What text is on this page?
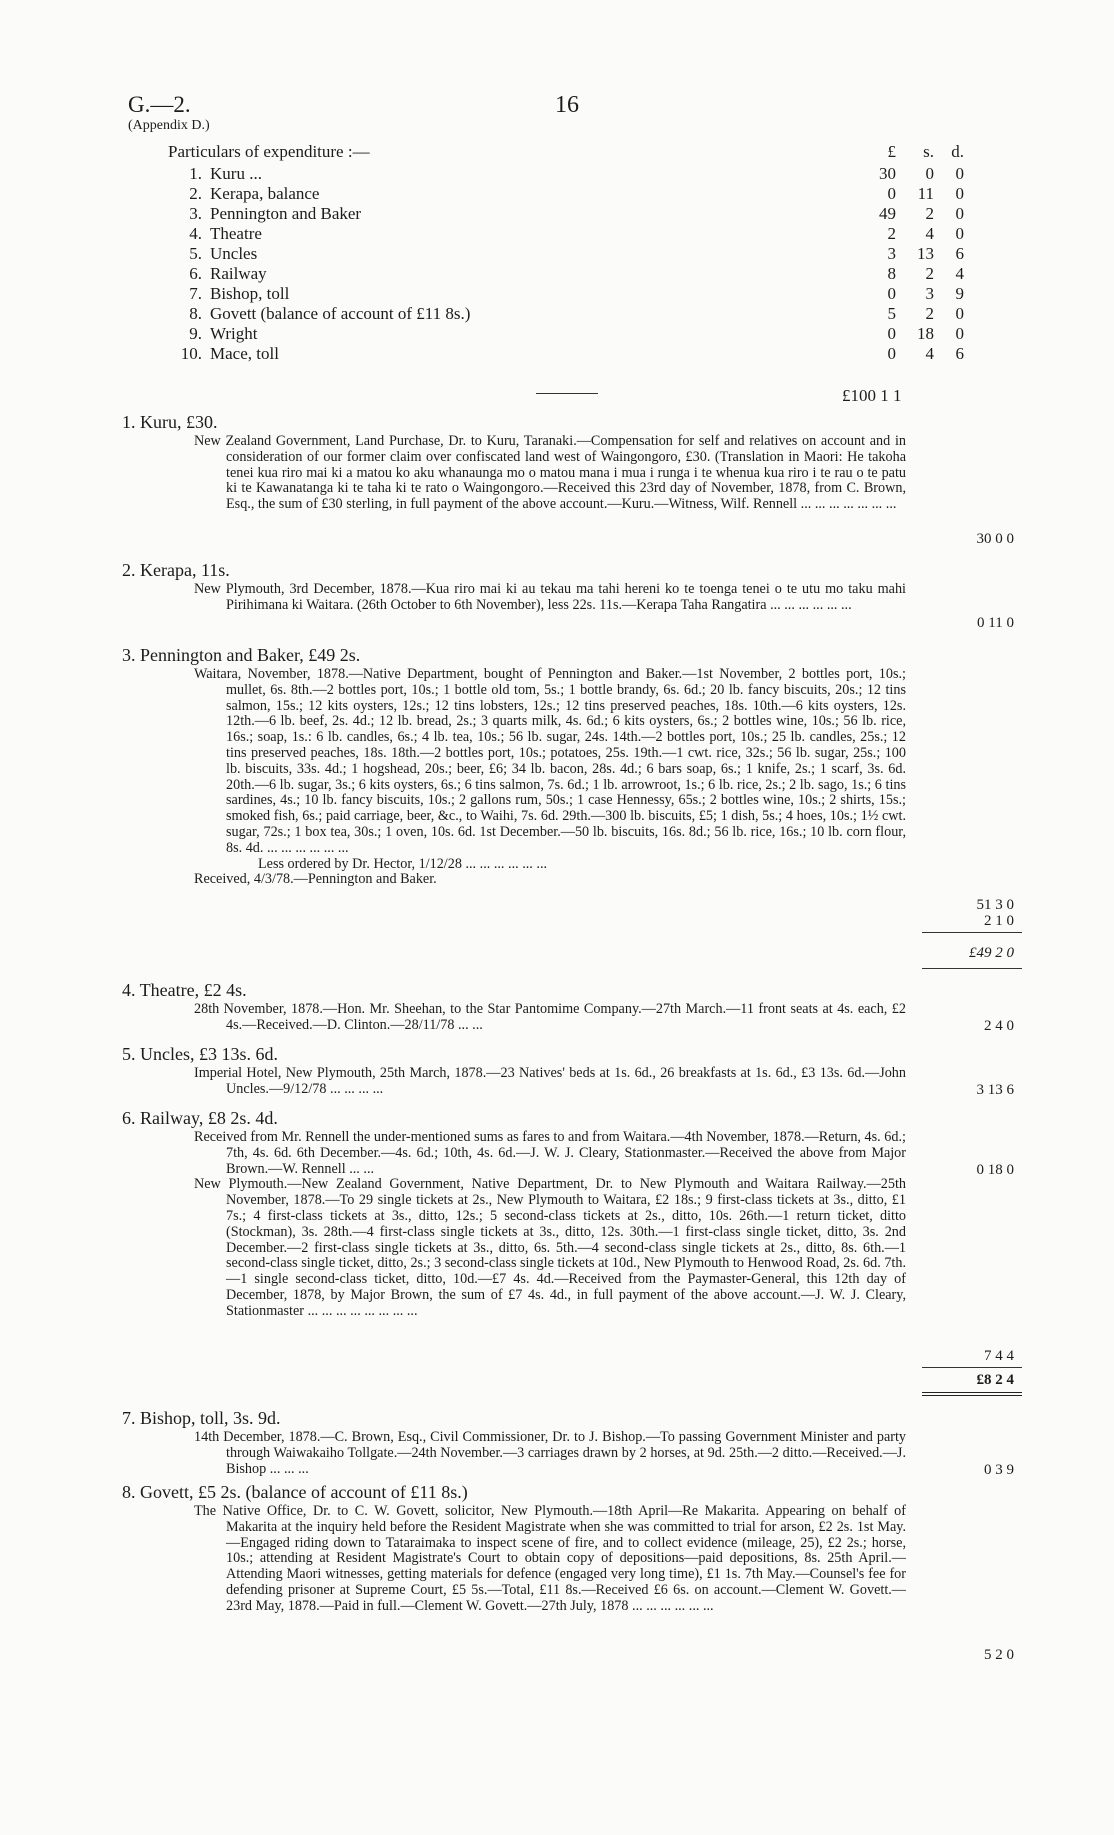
G.—2.
(Appendix D.)
16
Particulars of expenditure :—	£	s.	d.
1. Kuru ...	30	0	0
2. Kerapa, balance	0	11	0
3. Pennington and Baker	49	2	0
4. Theatre	2	4	0
5. Uncles	3	13	6
6. Railway	8	2	4
7. Bishop, toll	0	3	9
8. Govett (balance of account of £11 8s.)	5	2	0
9. Wright	0	18	0
10. Mace, toll	0	4	6
£100 1 1
1. Kuru, £30.

New Zealand Government, Land Purchase, Dr. to Kuru, Taranaki.—Compensation for self and relatives on account and in consideration of our former claim over confiscated land west of Waingongoro, £30. (Translation in Maori: He takoha tenei kua riro mai ki a matou ko aku whanaunga mo o matou mana i mua i runga i te whenua kua riro i te rau o te patu ki te Kawanatanga ki te taha ki te rato o Waingongoro.—Received this 23rd day of November, 1878, from C. Brown, Esq., the sum of £30 sterling, in full payment of the above account.—Kuru.—Witness, Wilf. Rennell ... ... ... ... ... ... ...

30 0 0
2. Kerapa, 11s.

New Plymouth, 3rd December, 1878.—Kua riro mai ki au tekau ma tahi hereni ko te toenga tenei o te utu mo taku mahi Pirihimana ki Waitara. (26th October to 6th November), less 22s. 11s.—Kerapa Taha Rangatira ... ... ... ... ... ...

0 11 0
3. Pennington and Baker, £49 2s.

Waitara, November, 1878.—Native Department, bought of Pennington and Baker.—1st November, 2 bottles port, 10s.; mullet, 6s. 8th.—2 bottles port, 10s.; 1 bottle old tom, 5s.; 1 bottle brandy, 6s. 6d.; 20 lb. fancy biscuits, 20s.; 12 tins salmon, 15s.; 12 kits oysters, 12s.; 12 tins lobsters, 12s.; 12 tins preserved peaches, 18s. 10th.—6 kits oysters, 12s. 12th.—6 lb. beef, 2s. 4d.; 12 lb. bread, 2s.; 3 quarts milk, 4s. 6d.; 6 kits oysters, 6s.; 2 bottles wine, 10s.; 56 lb. rice, 16s.; soap, 1s.: 6 lb. candles, 6s.; 4 lb. tea, 10s.; 56 lb. sugar, 24s. 14th.—2 bottles port, 10s.; 25 lb. candles, 25s.; 12 tins preserved peaches, 18s. 18th.—2 bottles port, 10s.; potatoes, 25s. 19th.—1 cwt. rice, 32s.; 56 lb. sugar, 25s.; 100 lb. biscuits, 33s. 4d.; 1 hogshead, 20s.; beer, £6; 34 lb. bacon, 28s. 4d.; 6 bars soap, 6s.; 1 knife, 2s.; 1 scarf, 3s. 6d. 20th.—6 lb. sugar, 3s.; 6 kits oysters, 6s.; 6 tins salmon, 7s. 6d.; 1 lb. arrowroot, 1s.; 6 lb. rice, 2s.; 2 lb. sago, 1s.; 6 tins sardines, 4s.; 10 lb. fancy biscuits, 10s.; 2 gallons rum, 50s.; 1 case Hennessy, 65s.; 2 bottles wine, 10s.; 2 shirts, 15s.; smoked fish, 6s.; paid carriage, beer, &c., to Waihi, 7s. 6d. 29th.—300 lb. biscuits, £5; 1 dish, 5s.; 4 hoes, 10s.; 1½ cwt. sugar, 72s.; 1 box tea, 30s.; 1 oven, 10s. 6d. 1st December.—50 lb. biscuits, 16s. 8d.; 56 lb. rice, 16s.; 10 lb. corn flour, 8s. 4d. ... ... ... ... ... ...

Less ordered by Dr. Hector, 1/12/28 ... ... ... ... ... ...

Received, 4/3/78.—Pennington and Baker.

51 3 0
2 1 0
£49 2 0
4. Theatre, £2 4s.

28th November, 1878.—Hon. Mr. Sheehan, to the Star Pantomime Company.—27th March.—11 front seats at 4s. each, £2 4s.—Received.—D. Clinton.—28/11/78 ... ...	2 4 0
5. Uncles, £3 13s. 6d.

Imperial Hotel, New Plymouth, 25th March, 1878.—23 Natives' beds at 1s. 6d., 26 breakfasts at 1s. 6d., £3 13s. 6d.—John Uncles.—9/12/78 ... ... ... ...	3 13 6
6. Railway, £8 2s. 4d.

Received from Mr. Rennell the under-mentioned sums as fares to and from Waitara.—4th November, 1878.—Return, 4s. 6d.; 7th, 4s. 6d. 6th December.—4s. 6d.; 10th, 4s. 6d.—J. W. J. Cleary, Stationmaster.—Received the above from Major Brown.—W. Rennell ... ...

New Plymouth.—New Zealand Government, Native Department, Dr. to New Plymouth and Waitara Railway.—25th November, 1878.—To 29 single tickets at 2s., New Plymouth to Waitara, £2 18s.; 9 first-class tickets at 3s., ditto, £1 7s.; 4 first-class tickets at 3s., ditto, 12s.; 5 second-class tickets at 2s., ditto, 10s. 26th.—1 return ticket, ditto (Stockman), 3s. 28th.—4 first-class single tickets at 3s., ditto, 12s. 30th.—1 first-class single ticket, ditto, 3s. 2nd December.—2 first-class single tickets at 3s., ditto, 6s. 5th.—4 second-class single tickets at 2s., ditto, 8s. 6th.—1 second-class single ticket, ditto, 2s.; 3 second-class single tickets at 10d., New Plymouth to Henwood Road, 2s. 6d. 7th.—1 single second-class ticket, ditto, 10d.—£7 4s. 4d.—Received from the Paymaster-General, this 12th day of December, 1878, by Major Brown, the sum of £7 4s. 4d., in full payment of the above account.—J. W. J. Cleary, Stationmaster ... ... ... ... ... ... ... ...

0 18 0
7 4 4
£8 2 4
7. Bishop, toll, 3s. 9d.

14th December, 1878.—C. Brown, Esq., Civil Commissioner, Dr. to J. Bishop.—To passing Government Minister and party through Waiwakaiho Tollgate.—24th November.—3 carriages drawn by 2 horses, at 9d. 25th.—2 ditto.—Received.—J. Bishop ... ... ...	0 3 9
8. Govett, £5 2s. (balance of account of £11 8s.)

The Native Office, Dr. to C. W. Govett, solicitor, New Plymouth.—18th April—Re Makarita. Appearing on behalf of Makarita at the inquiry held before the Resident Magistrate when she was committed to trial for arson, £2 2s. 1st May.—Engaged riding down to Tataraimaka to inspect scene of fire, and to collect evidence (mileage, 25), £2 2s.; horse, 10s.; attending at Resident Magistrate's Court to obtain copy of depositions—paid depositions, 8s. 25th April.—Attending Maori witnesses, getting materials for defence (engaged very long time), £1 1s. 7th May.—Counsel's fee for defending prisoner at Supreme Court, £5 5s.—Total, £11 8s.—Received £6 6s. on account.—Clement W. Govett.—23rd May, 1878.—Paid in full.—Clement W. Govett.—27th July, 1878 ... ... ... ... ... ...

5 2 0
